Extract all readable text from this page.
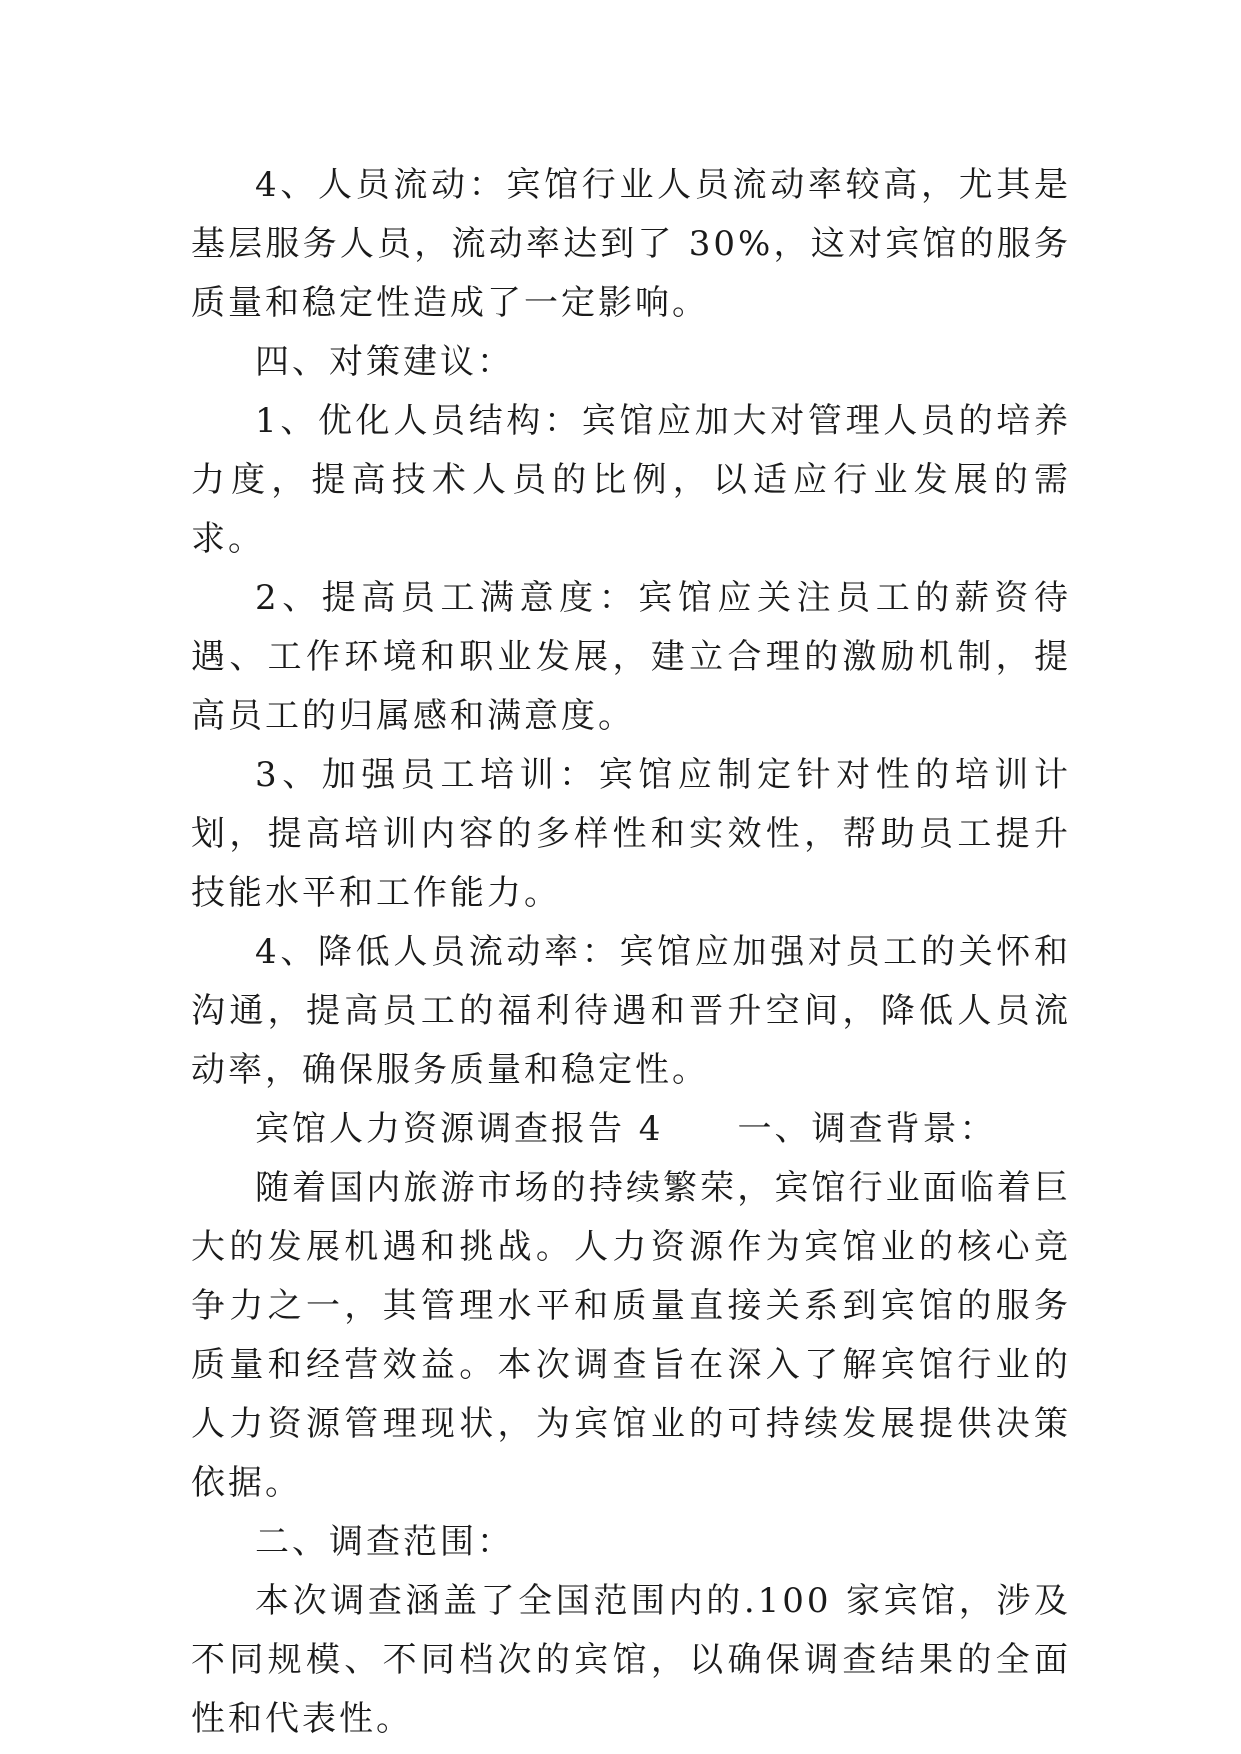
4、人员流动：宾馆行业人员流动率较高，尤其是基层服务人员，流动率达到了 30%，这对宾馆的服务质量和稳定性造成了一定影响。

四、对策建议：

1、优化人员结构：宾馆应加大对管理人员的培养力度，提高技术人员的比例，以适应行业发展的需求。

2、提高员工满意度：宾馆应关注员工的薪资待遇、工作环境和职业发展，建立合理的激励机制，提高员工的归属感和满意度。

3、加强员工培训：宾馆应制定针对性的培训计划，提高培训内容的多样性和实效性，帮助员工提升技能水平和工作能力。

4、降低人员流动率：宾馆应加强对员工的关怀和沟通，提高员工的福利待遇和晋升空间，降低人员流动率，确保服务质量和稳定性。

宾馆人力资源调查报告 4　　一、调查背景：

随着国内旅游市场的持续繁荣，宾馆行业面临着巨大的发展机遇和挑战。人力资源作为宾馆业的核心竞争力之一，其管理水平和质量直接关系到宾馆的服务质量和经营效益。本次调查旨在深入了解宾馆行业的人力资源管理现状，为宾馆业的可持续发展提供决策依据。

二、调查范围：

本次调查涵盖了全国范围内的.100 家宾馆，涉及不同规模、不同档次的宾馆，以确保调查结果的全面性和代表性。
